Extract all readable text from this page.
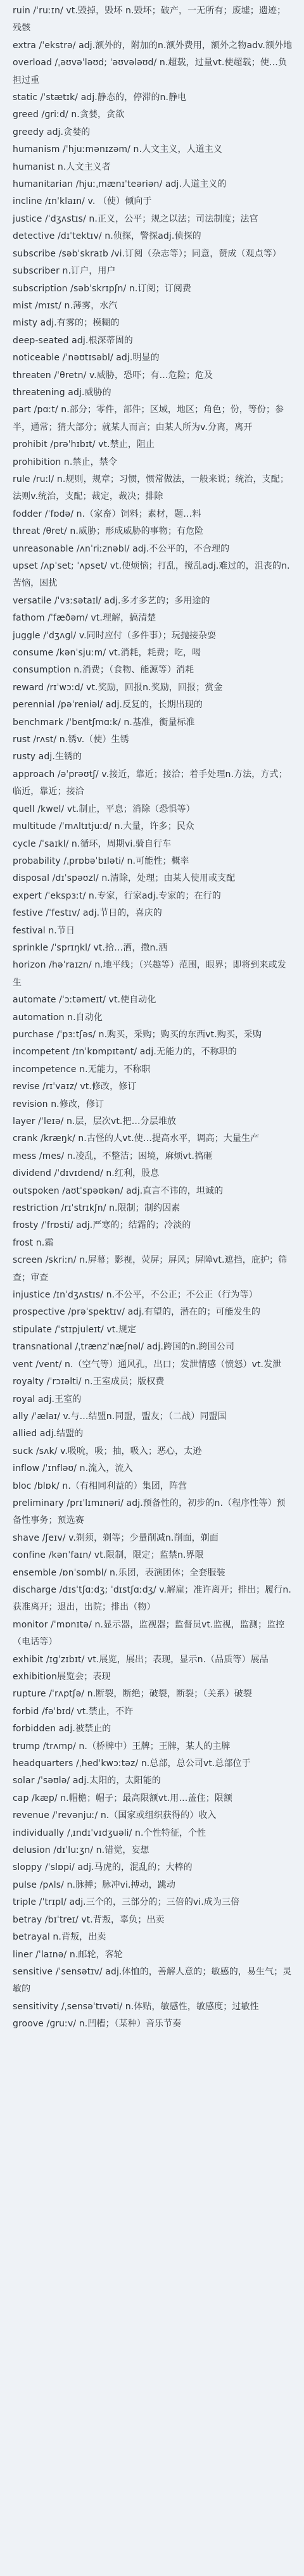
ruin /ˈruːɪn/ vt.毁掉，毁坏 n.毁坏；破产，一无所有；废墟；遗迹；残骸
extra /ˈekstrə/ adj.额外的，附加的n.额外费用，额外之物adv.额外地
overload /ˌəʊvəˈləʊd; ˈəʊvələʊd/ n.超载，过量vt.使超载；使…负担过重
static /ˈstætɪk/ adj.静态的，停滞的n.静电
greed /ɡriːd/ n.贪婪，贪欲
greedy adj.贪婪的
humanism /ˈhjuːmənɪzəm/ n.人文主义，人道主义
humanist n.人文主义者
humanitarian /hjuːˌmænɪˈteəriən/ adj.人道主义的
incline /ɪnˈklaɪn/ v. （使）倾向于
justice /ˈdʒʌstɪs/ n.正义，公平；规之以法；司法制度；法官
detective /dɪˈtektɪv/ n.侦探，警探adj.侦探的
subscribe /səbˈskraɪb /vi.订阅（杂志等）；同意，赞成（观点等）
subscriber n.订户，用户
subscription /səbˈskrɪpʃn/ n.订阅；订阅费
mist /mɪst/ n.薄雾，水汽
misty adj.有雾的；模糊的
deep-seated adj.根深蒂固的
noticeable /ˈnəʊtɪsəbl/ adj.明显的
threaten /ˈθretn/ v.威胁，恐吓；有…危险；危及
threatening adj.威胁的
part /pɑːt/ n.部分；零件，部件；区域，地区；角色；份，等份；参半，通常；猜大部分；就某人而言；由某人所为v.分离，离开
prohibit /prəˈhɪbɪt/ vt.禁止，阻止
prohibition n.禁止，禁令
rule /ruːl/ n.规则，规章；习惯，惯常做法，一般来说；统治，支配；法则v.统治，支配；裁定，裁决；排除
fodder /ˈfɒdə/ n.（家畜）饲料；素材，题…料
threat /θret/ n.威胁；形成威胁的事物；有危险
unreasonable /ʌnˈriːznəbl/ adj.不公平的，不合理的
upset /ʌpˈset; ˈʌpset/ vt.使烦恼；打乱，搅乱adj.难过的，沮丧的n.苦恼，困扰
versatile /ˈvɜːsətaɪl/ adj.多才多艺的；多用途的
fathom /ˈfæðəm/ vt.理解，搞清楚
juggle /ˈdʒʌɡl/ v.同时应付（多件事）；玩抛接杂耍
consume /kənˈsjuːm/ vt.消耗，耗费；吃，喝
consumption n.消费；（食物、能源等）消耗
reward /rɪˈwɔːd/ vt.奖励，回报n.奖励，回报；赏金
perennial /pəˈreniəl/ adj.反复的，长期出现的
benchmark /ˈbentʃmɑːk/ n.基准，衡量标准
rust /rʌst/ n.锈v.（使）生锈
rusty adj.生锈的
approach /əˈprəʊtʃ/ v.接近，靠近；接洽；着手处理n.方法，方式；临近，靠近；接洽
quell /kwel/ vt.制止，平息；消除（恐惧等）
multitude /ˈmʌltɪtjuːd/ n.大量，许多；民众
cycle /ˈsaɪkl/ n.循环，周期vi.骑自行车
probability /ˌprɒbəˈbɪləti/ n.可能性；概率
disposal /dɪˈspəʊzl/ n.清除，处理；由某人使用或支配
expert /ˈekspɜːt/ n.专家，行家adj.专家的；在行的
festive /ˈfestɪv/ adj.节日的，喜庆的
festival n.节日
sprinkle /ˈsprɪŋkl/ vt.拾…洒，撒n.洒
horizon /həˈraɪzn/ n.地平线；（兴趣等）范围，眼界；即将到来或发生
automate /ˈɔːtəmeɪt/ vt.使自动化
automation n.自动化
purchase /ˈpɜːtʃəs/ n.购买，采购；购买的东西vt.购买，采购
incompetent /ɪnˈkɒmpɪtənt/ adj.无能力的，不称职的
incompetence n.无能力，不称职
revise /rɪˈvaɪz/ vt.修改，修订
revision n.修改，修订
layer /ˈleɪə/ n.层，层次vt.把…分层堆放
crank /kræŋk/ n.古怪的人vt.使…提高水平，调高；大量生产
mess /mes/ n.凌乱，不整洁；困境，麻烦vt.搞砸
dividend /ˈdɪvɪdend/ n.红利，股息
outspoken /aʊtˈspəʊkən/ adj.直言不讳的，坦诚的
restriction /rɪˈstrɪkʃn/ n.限制；制约因素
frosty /ˈfrɒsti/ adj.严寒的；结霜的；冷淡的
frost n.霜
screen /skriːn/ n.屏幕；影视，荧屏；屏风；屏障vt.遮挡，庇护；筛查；审查
injustice /ɪnˈdʒʌstɪs/ n.不公平，不公正；不公正（行为等）
prospective /prəˈspektɪv/ adj.有望的，潜在的；可能发生的
stipulate /ˈstɪpjuleɪt/ vt.规定
transnational /ˌtrænzˈnæʃnəl/ adj.跨国的n.跨国公司
vent /vent/ n.（空气等）通风孔，出口；发泄情感（愤怒）vt.发泄
royalty /ˈrɔɪəlti/ n.王室成员；版权费
royal adj.王室的
ally /ˈælaɪ/ v.与…结盟n.同盟，盟友；（二战）同盟国
allied adj.结盟的
suck /sʌk/ v.吸吮，吸；抽，吸入；恶心，太逊
inflow /ˈɪnfləʊ/ n.流入，流入
bloc /blɒk/ n.（有相同利益的）集团，阵营
preliminary /prɪˈlɪmɪnəri/ adj.预备性的，初步的n.（程序性等）预备性事务；预选赛
shave /ʃeɪv/ v.剃须，剃等；少量削减n.削面，剃面
confine /kənˈfaɪn/ vt.限制，限定；监禁n.界限
ensemble /ɒnˈsɒmbl/ n.乐团，表演团体；全套服装
discharge /dɪsˈtʃɑːdʒ; ˈdɪstʃɑːdʒ/ v.解雇；准许离开；排出；履行n.获准离开；退出，出院；排出（物）
monitor /ˈmɒnɪtə/ n.显示器，监视器；监督员vt.监视，监测；监控（电话等）
exhibit /ɪɡˈzɪbɪt/ vt.展览，展出；表现，显示n.（品质等）展品
exhibition展览会；表现
rupture /ˈrʌptʃə/ n.断裂，断绝；破裂，断裂；（关系）破裂
forbid /fəˈbɪd/ vt.禁止，不许
forbidden adj.被禁止的
trump /trʌmp/ n.（桥牌中）王牌；王牌，某人的主牌
headquarters /ˌhedˈkwɔːtəz/ n.总部，总公司vt.总部位于
solar /ˈsəʊlə/ adj.太阳的，太阳能的
cap /kæp/ n.帽檐；帽子；最高限额vt.用…盖住；限额
revenue /ˈrevənjuː/ n.（国家或组织获得的）收入
individually /ˌɪndɪˈvɪdʒuəli/ n.个性特征，个性
delusion /dɪˈluːʒn/ n.错觉，妄想
sloppy /ˈslɒpi/ adj.马虎的，混乱的；大棒的
pulse /pʌls/ n.脉搏；脉冲vi.搏动，跳动
triple /ˈtrɪpl/ adj.三个的，三部分的；三倍的vi.成为三倍
betray /bɪˈtreɪ/ vt.背叛，辜负；出卖
betrayal n.背叛，出卖
liner /ˈlaɪnə/ n.邮轮，客轮
sensitive /ˈsensətɪv/ adj.体恤的，善解人意的；敏感的，易生气；灵敏的
sensitivity /ˌsensəˈtɪvəti/ n.体贴，敏感性，敏感度；过敏性
groove /ɡruːv/ n.凹槽；（某种）音乐节奏
